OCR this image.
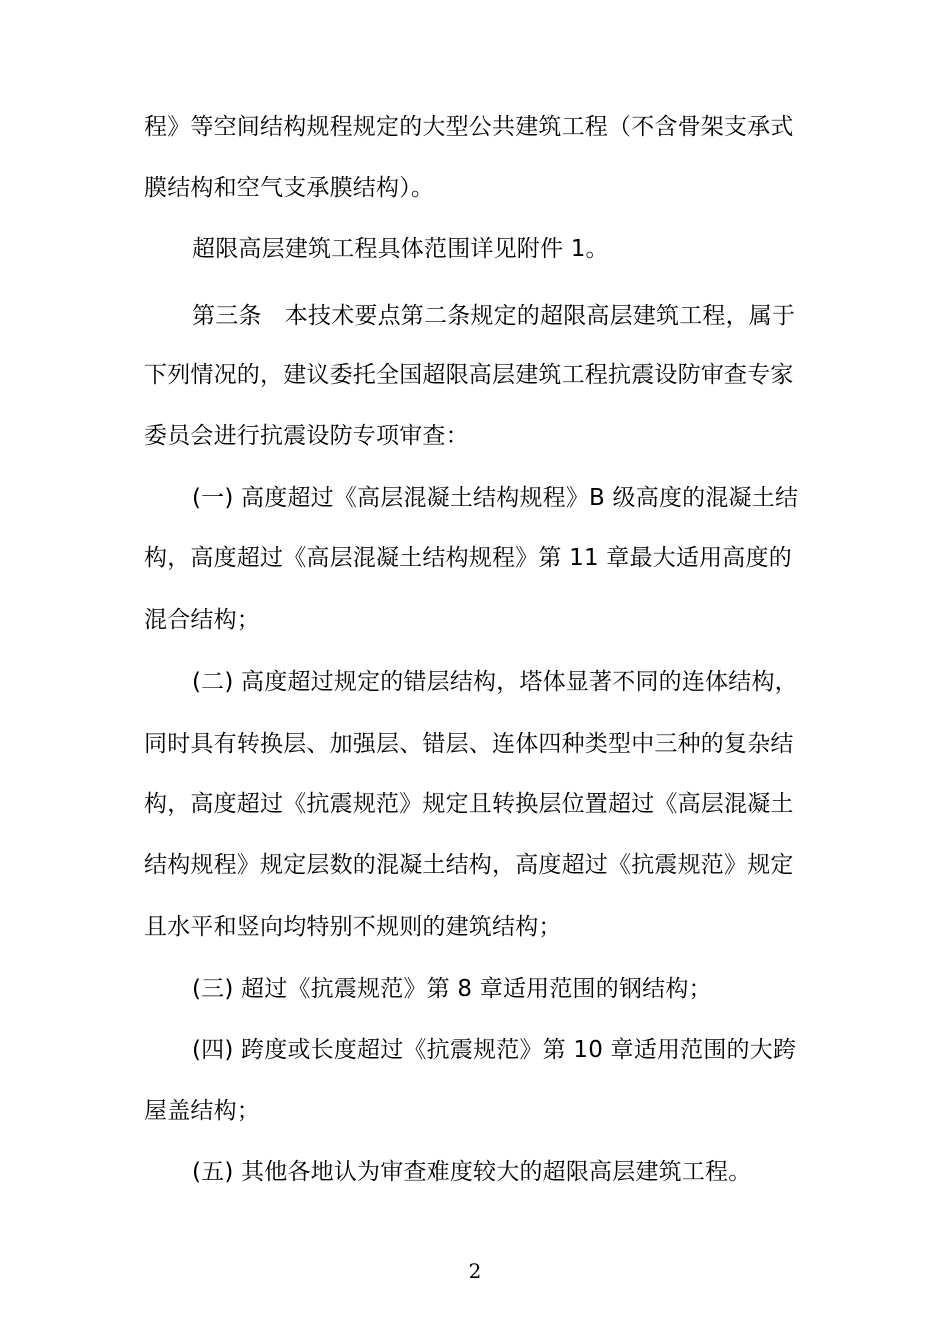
程》等空间结构规程规定的大型公共建筑工程（不含骨架支承式
膜结构和空气支承膜结构）。
超限高层建筑工程具体范围详见附件 1。
第三条　本技术要点第二条规定的超限高层建筑工程，属于
下列情况的，建议委托全国超限高层建筑工程抗震设防审查专家
委员会进行抗震设防专项审查：
(一) 高度超过《高层混凝土结构规程》B 级高度的混凝土结
构，高度超过《高层混凝土结构规程》第 11 章最大适用高度的
混合结构；
(二) 高度超过规定的错层结构，塔体显著不同的连体结构，
同时具有转换层、加强层、错层、连体四种类型中三种的复杂结
构，高度超过《抗震规范》规定且转换层位置超过《高层混凝土
结构规程》规定层数的混凝土结构，高度超过《抗震规范》规定
且水平和竖向均特别不规则的建筑结构；
(三) 超过《抗震规范》第 8 章适用范围的钢结构；
(四) 跨度或长度超过《抗震规范》第 10 章适用范围的大跨
屋盖结构；
(五) 其他各地认为审查难度较大的超限高层建筑工程。
2
